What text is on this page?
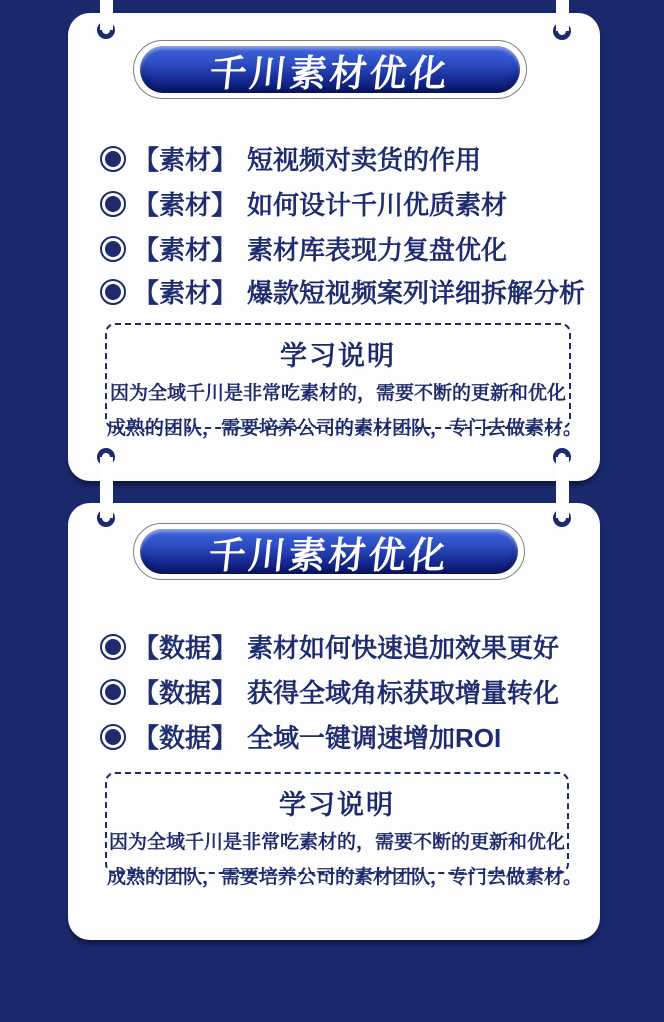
千川素材优化
【素材】 短视频对卖货的作用
【素材】 如何设计千川优质素材
【素材】 素材库表现力复盘优化
【素材】 爆款短视频案列详细拆解分析
学习说明
因为全域千川是非常吃素材的，需要不断的更新和优化
成熟的团队，需要培养公司的素材团队，专门去做素材。
千川素材优化
【数据】 素材如何快速追加效果更好
【数据】 获得全域角标获取增量转化
【数据】 全域一键调速增加ROI
学习说明
因为全域千川是非常吃素材的，需要不断的更新和优化
成熟的团队，需要培养公司的素材团队，专门去做素材。
